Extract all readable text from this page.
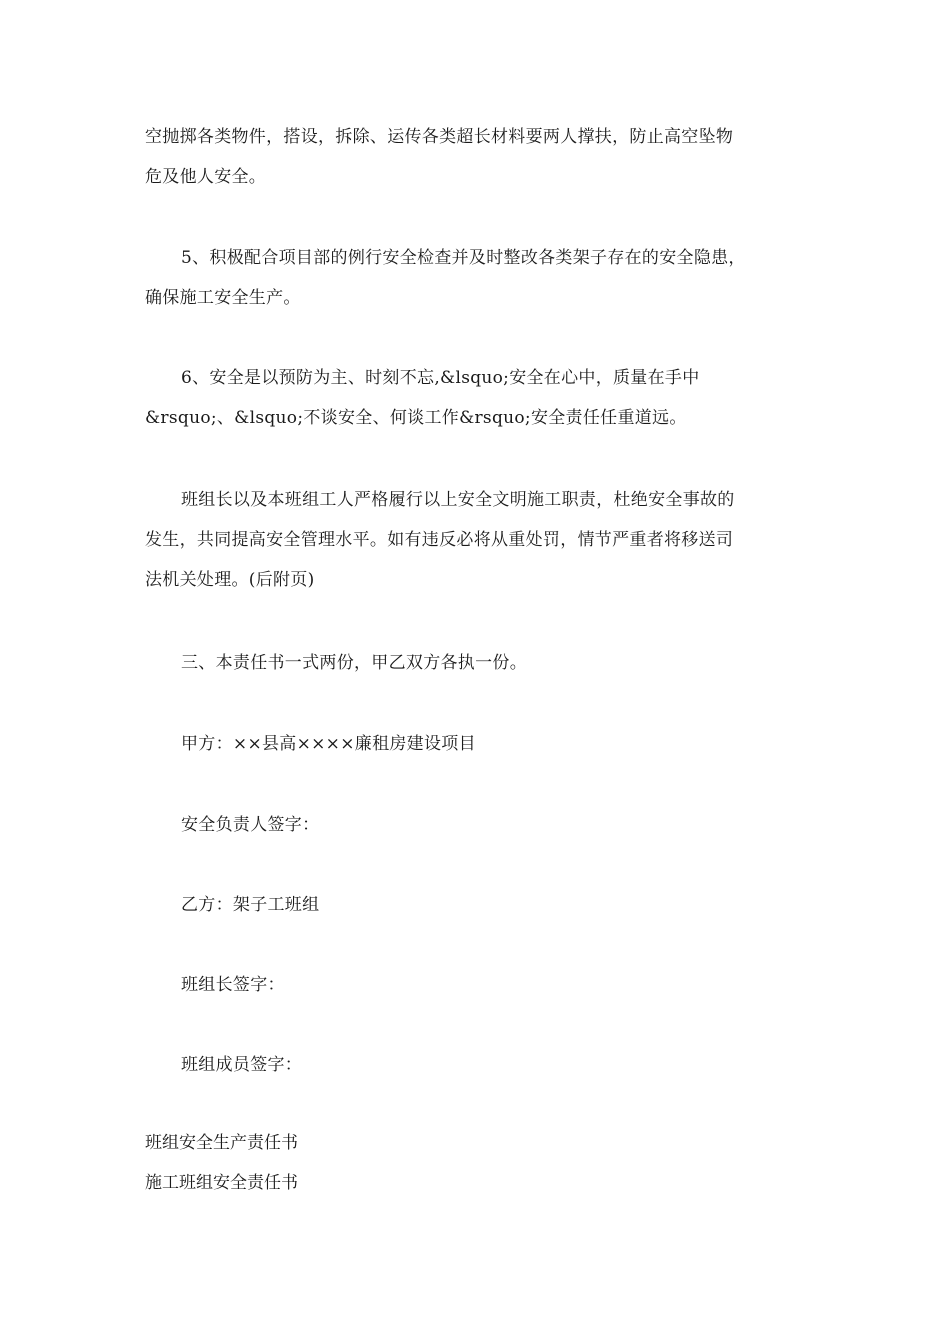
空抛掷各类物件，搭设，拆除、运传各类超长材料要两人撑扶，防止高空坠物
危及他人安全。

5、积极配合项目部的例行安全检查并及时整改各类架子存在的安全隐患，
确保施工安全生产。

6、安全是以预防为主、时刻不忘,&lsquo;安全在心中，质量在手中
&rsquo;、&lsquo;不谈安全、何谈工作&rsquo;安全责任任重道远。

班组长以及本班组工人严格履行以上安全文明施工职责，杜绝安全事故的
发生，共同提高安全管理水平。如有违反必将从重处罚，情节严重者将移送司
法机关处理。(后附页)

三、本责任书一式两份，甲乙双方各执一份。

甲方：××县高××××廉租房建设项目

安全负责人签字：

乙方：架子工班组

班组长签字：

班组成员签字：

班组安全生产责任书

施工班组安全责任书
